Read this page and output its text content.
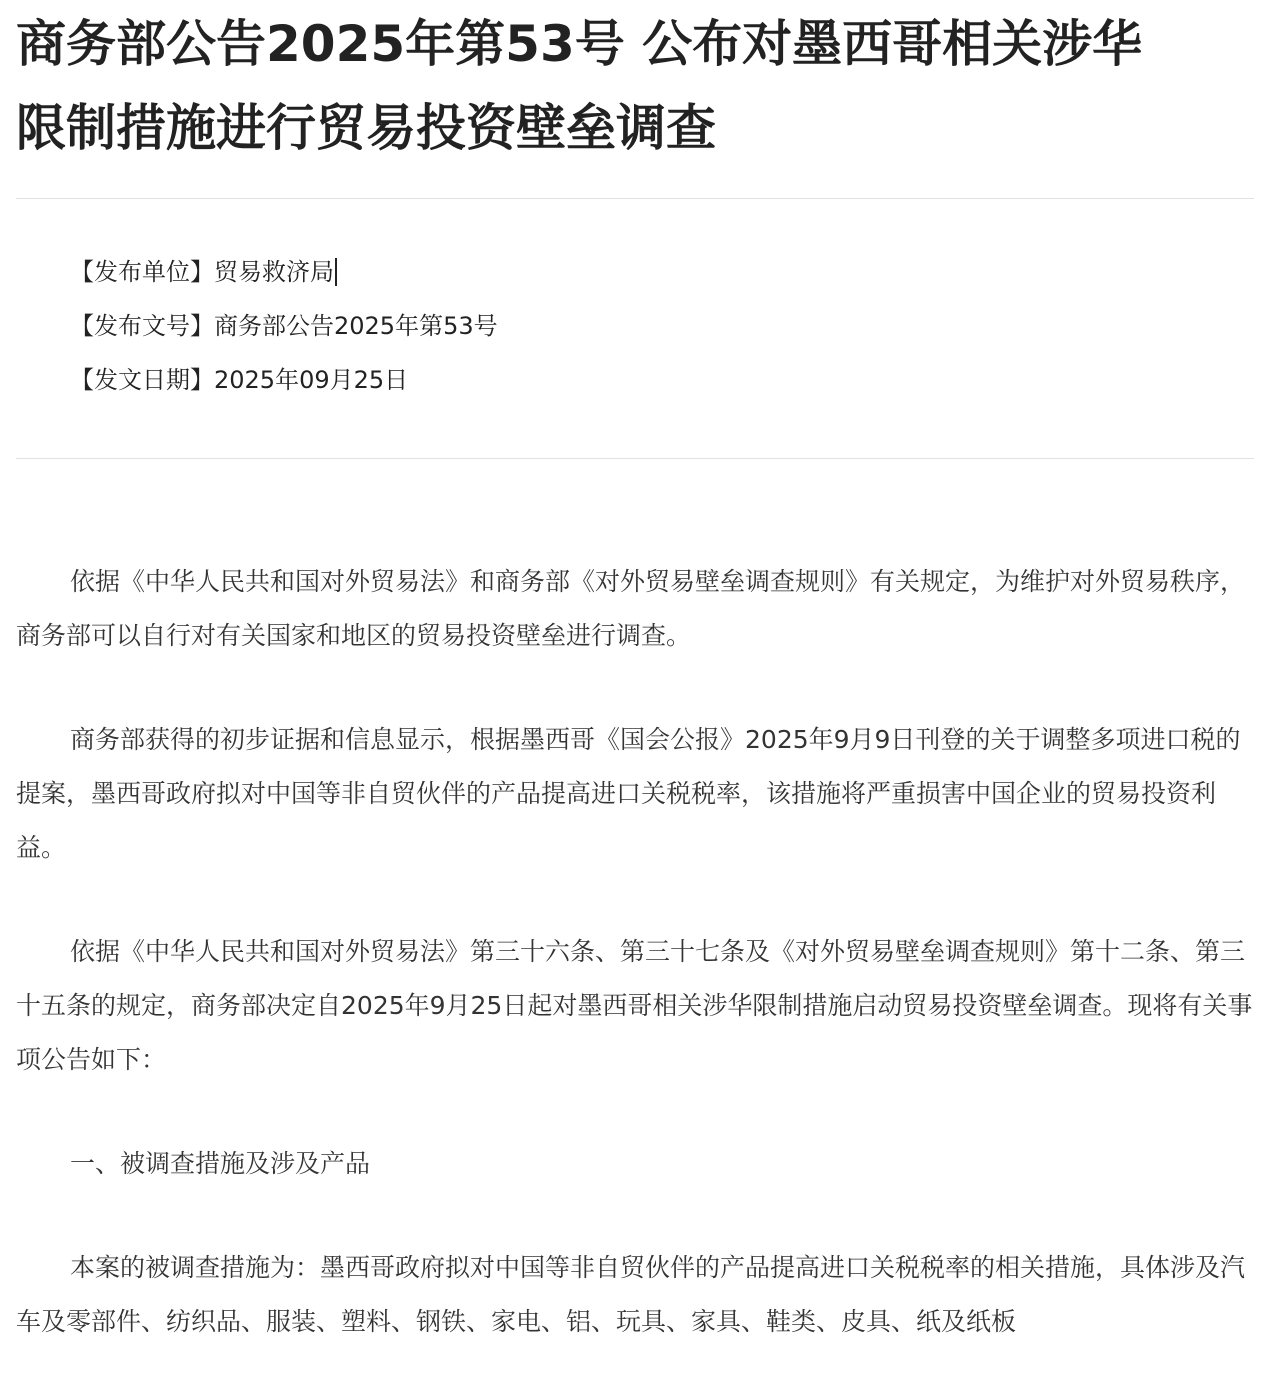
商务部公告2025年第53号 公布对墨西哥相关涉华
限制措施进行贸易投资壁垒调查
【发布单位】贸易救济局
【发布文号】商务部公告2025年第53号
【发文日期】2025年09月25日

依据《中华人民共和国对外贸易法》和商务部《对外贸易壁垒调查规则》有关规定，为维护对外贸易秩序，商务部可以自行对有关国家和地区的贸易投资壁垒进行调查。

商务部获得的初步证据和信息显示，根据墨西哥《国会公报》2025年9月9日刊登的关于调整多项进口税的提案，墨西哥政府拟对中国等非自贸伙伴的产品提高进口关税税率，该措施将严重损害中国企业的贸易投资利益。

依据《中华人民共和国对外贸易法》第三十六条、第三十七条及《对外贸易壁垒调查规则》第十二条、第三十五条的规定，商务部决定自2025年9月25日起对墨西哥相关涉华限制措施启动贸易投资壁垒调查。现将有关事项公告如下：

一、被调查措施及涉及产品

本案的被调查措施为：墨西哥政府拟对中国等非自贸伙伴的产品提高进口关税税率的相关措施，具体涉及汽车及零部件、纺织品、服装、塑料、钢铁、家电、铝、玩具、家具、鞋类、皮具、纸及纸板
